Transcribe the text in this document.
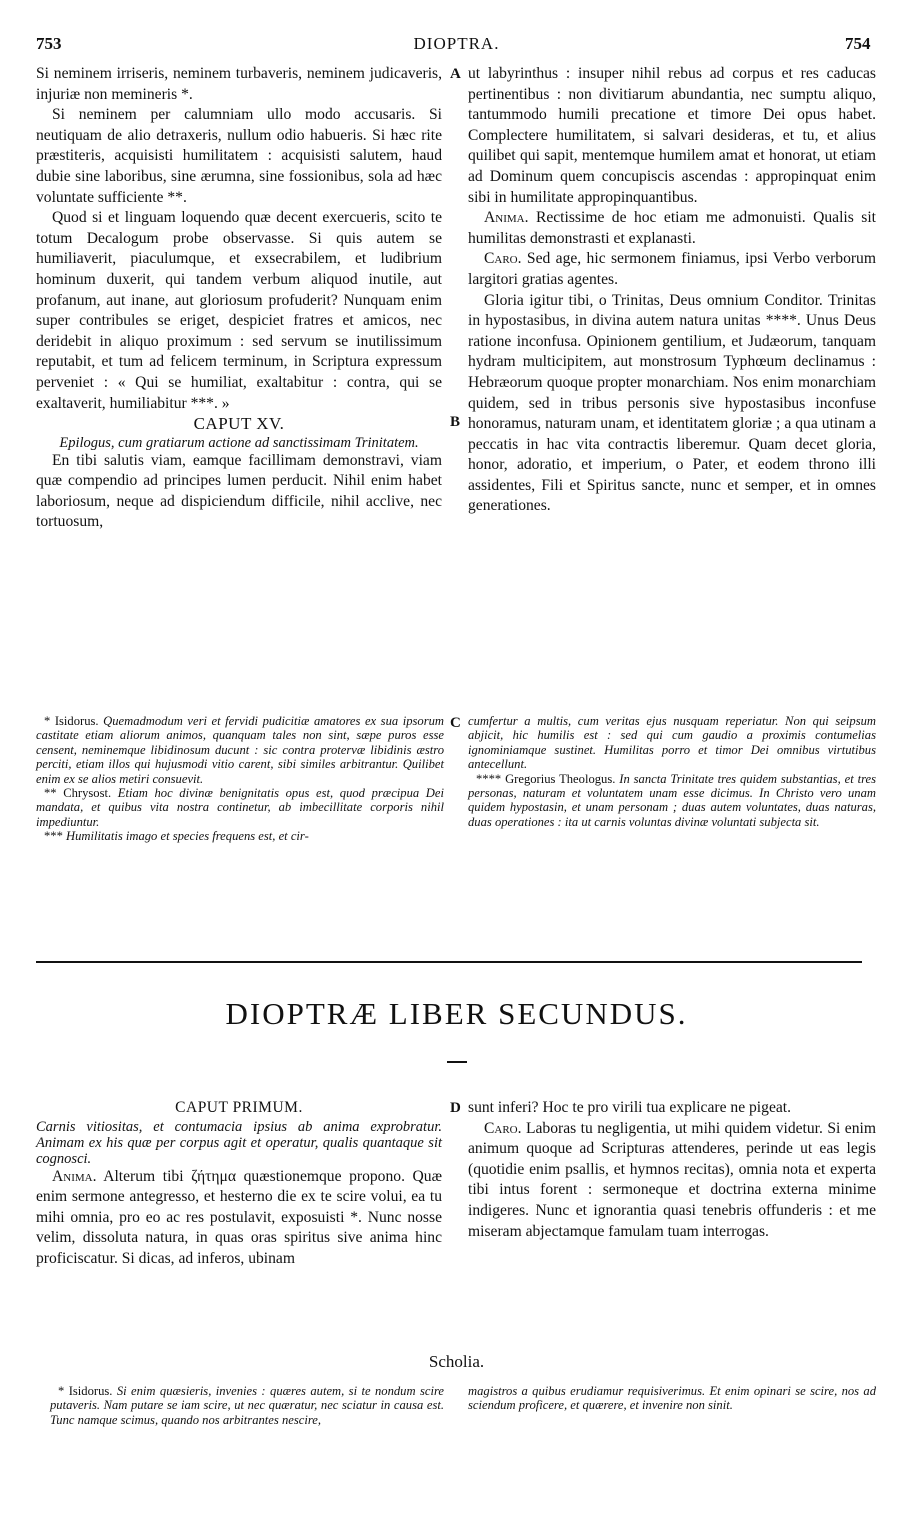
753	DIOPTRA.	754
A
B
C
D

Si neminem irriseris, neminem turbaveris, neminem judicaveris, injuriæ non memineris *.

Si neminem per calumniam ullo modo accusaris. Si neutiquam de alio detraxeris, nullum odio habueris. Si hæc rite præstiteris, acquisisti humilitatem : acquisisti salutem, haud dubie sine laboribus, sine ærumna, sine fossionibus, sola ad hæc voluntate sufficiente **.

Quod si et linguam loquendo quæ decent exercueris, scito te totum Decalogum probe observasse. Si quis autem se humiliaverit, piaculumque, et exsecrabilem, et ludibrium hominum duxerit, qui tandem verbum aliquod inutile, aut profanum, aut inane, aut gloriosum profuderit? Nunquam enim super contribules se eriget, despiciet fratres et amicos, nec deridebit in aliquo proximum : sed servum se inutilissimum reputabit, et tum ad felicem terminum, in Scriptura expressum perveniet : « Qui se humiliat, exaltabitur : contra, qui se exaltaverit, humiliabitur ***. »

CAPUT XV.

Epilogus, cum gratiarum actione ad sanctissimam Trinitatem.

En tibi salutis viam, eamque facillimam demonstravi, viam quæ compendio ad principes lumen perducit. Nihil enim habet laboriosum, neque ad dispiciendum difficile, nihil acclive, nec tortuosum,

ut labyrinthus : insuper nihil rebus ad corpus et res caducas pertinentibus : non divitiarum abundantia, nec sumptu aliquo, tantummodo humili precatione et timore Dei opus habet. Complectere humilitatem, si salvari desideras, et tu, et alius quilibet qui sapit, mentemque humilem amat et honorat, ut etiam ad Dominum quem concupiscis ascendas : appropinquat enim sibi in humilitate appropinquantibus.

Anima. Rectissime de hoc etiam me admonuisti. Qualis sit humilitas demonstrasti et explanasti.

Caro. Sed age, hic sermonem finiamus, ipsi Verbo verborum largitori gratias agentes.

Gloria igitur tibi, o Trinitas, Deus omnium Conditor. Trinitas in hypostasibus, in divina autem natura unitas ****. Unus Deus ratione inconfusa. Opinionem gentilium, et Judæorum, tanquam hydram multicipitem, aut monstrosum Typhœum declinamus : Hebræorum quoque propter monarchiam. Nos enim monarchiam quidem, sed in tribus personis sive hypostasibus inconfuse honoramus, naturam unam, et identitatem gloriæ ; a qua utinam a peccatis in hac vita contractis liberemur. Quam decet gloria, honor, adoratio, et imperium, o Pater, et eodem throno illi assidentes, Fili et Spiritus sancte, nunc et semper, et in omnes generationes.

* Isidorus. Quemadmodum veri et fervidi pudicitiæ amatores ex sua ipsorum castitate etiam aliorum animos, quanquam tales non sint, sæpe puros esse censent, neminemque libidinosum ducunt : sic contra protervæ libidinis æstro perciti, etiam illos qui hujusmodi vitio carent, sibi similes arbitrantur. Quilibet enim ex se alios metiri consuevit.

** Chrysost. Etiam hoc divinæ benignitatis opus est, quod præcipua Dei mandata, et quibus vita nostra continetur, ab imbecillitate corporis nihil impediuntur.

*** Humilitatis imago et species frequens est, et cir-

cumfertur a multis, cum veritas ejus nusquam reperiatur. Non qui seipsum abjicit, hic humilis est : sed qui cum gaudio a proximis contumelias ignominiamque sustinet. Humilitas porro et timor Dei omnibus virtutibus antecellunt.

**** Gregorius Theologus. In sancta Trinitate tres quidem substantias, et tres personas, naturam et voluntatem unam esse dicimus. In Christo vero unam quidem hypostasin, et unam personam ; duas autem voluntates, duas naturas, duas operationes : ita ut carnis voluntas divinæ voluntati subjecta sit.

DIOPTRÆ LIBER SECUNDUS.

CAPUT PRIMUM.

Carnis vitiositas, et contumacia ipsius ab anima exprobratur. Animam ex his quæ per corpus agit et operatur, qualis quantaque sit cognosci.

Anima. Alterum tibi ζήτημα quæstionemque propono. Quæ enim sermone antegresso, et hesterno die ex te scire volui, ea tu mihi omnia, pro eo ac res postulavit, exposuisti *. Nunc nosse velim, dissoluta natura, in quas oras spiritus sive anima hinc proficiscatur. Si dicas, ad inferos, ubinam

sunt inferi? Hoc te pro virili tua explicare ne pigeat.

Caro. Laboras tu negligentia, ut mihi quidem videtur. Si enim animum quoque ad Scripturas attenderes, perinde ut eas legis (quotidie enim psallis, et hymnos recitas), omnia nota et experta tibi intus forent : sermoneque et doctrina externa minime indigeres. Nunc et ignorantia quasi tenebris offunderis : et me miseram abjectamque famulam tuam interrogas.

Scholia.

* Isidorus. Si enim quæsieris, invenies : quæres autem, si te nondum scire putaveris. Nam putare se iam scire, ut nec quæratur, nec sciatur in causa est. Tunc namque scimus, quando nos arbitrantes nescire,

magistros a quibus erudiamur requisiverimus. Et enim opinari se scire, nos ad sciendum proficere, et quærere, et invenire non sinit.
